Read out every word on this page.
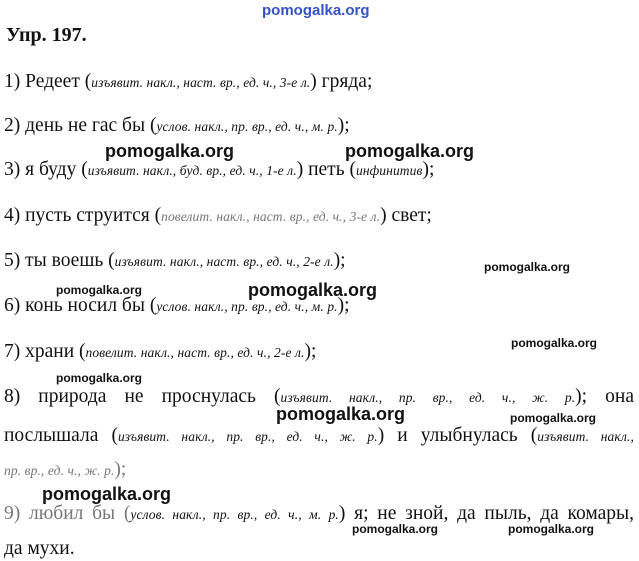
pomogalka.org
Упр. 197.
1) Редеет (изъявит. накл., наст. вр., ед. ч., 3-е л.) гряда;
2) день не гас бы (услов. накл., пр. вр., ед. ч., м. р.);
pomogalka.org	pomogalka.org
3) я буду (изъявит. накл., буд. вр., ед. ч., 1-е л.) петь (инфинитив);
4) пусть струится (повелит. накл., наст. вр., ед. ч., 3-е л.) свет;
5) ты воешь (изъявит. накл., наст. вр., ед. ч., 2-е л.);	pomogalka.org
pomogalka.org	pomogalka.org
6) конь носил бы (услов. накл., пр. вр., ед. ч., м. р.);
pomogalka.org
7) храни (повелит. накл., наст. вр., ед. ч., 2-е л.);
pomogalka.org
8) природа не проснулась (изъявит. накл., пр. вр., ед. ч., ж. р.); она
pomogalka.org	pomogalka.org
послышала (изъявит. накл., пр. вр., ед. ч., ж. р.) и улыбнулась (изъявит. накл.,
пр. вр., ед. ч., ж. р.);
pomogalka.org
9) любил бы (услов. накл., пр. вр., ед. ч., м. р.) я; не зной, да пыль, да комары,
pomogalka.org	pomogalka.org
да мухи.
